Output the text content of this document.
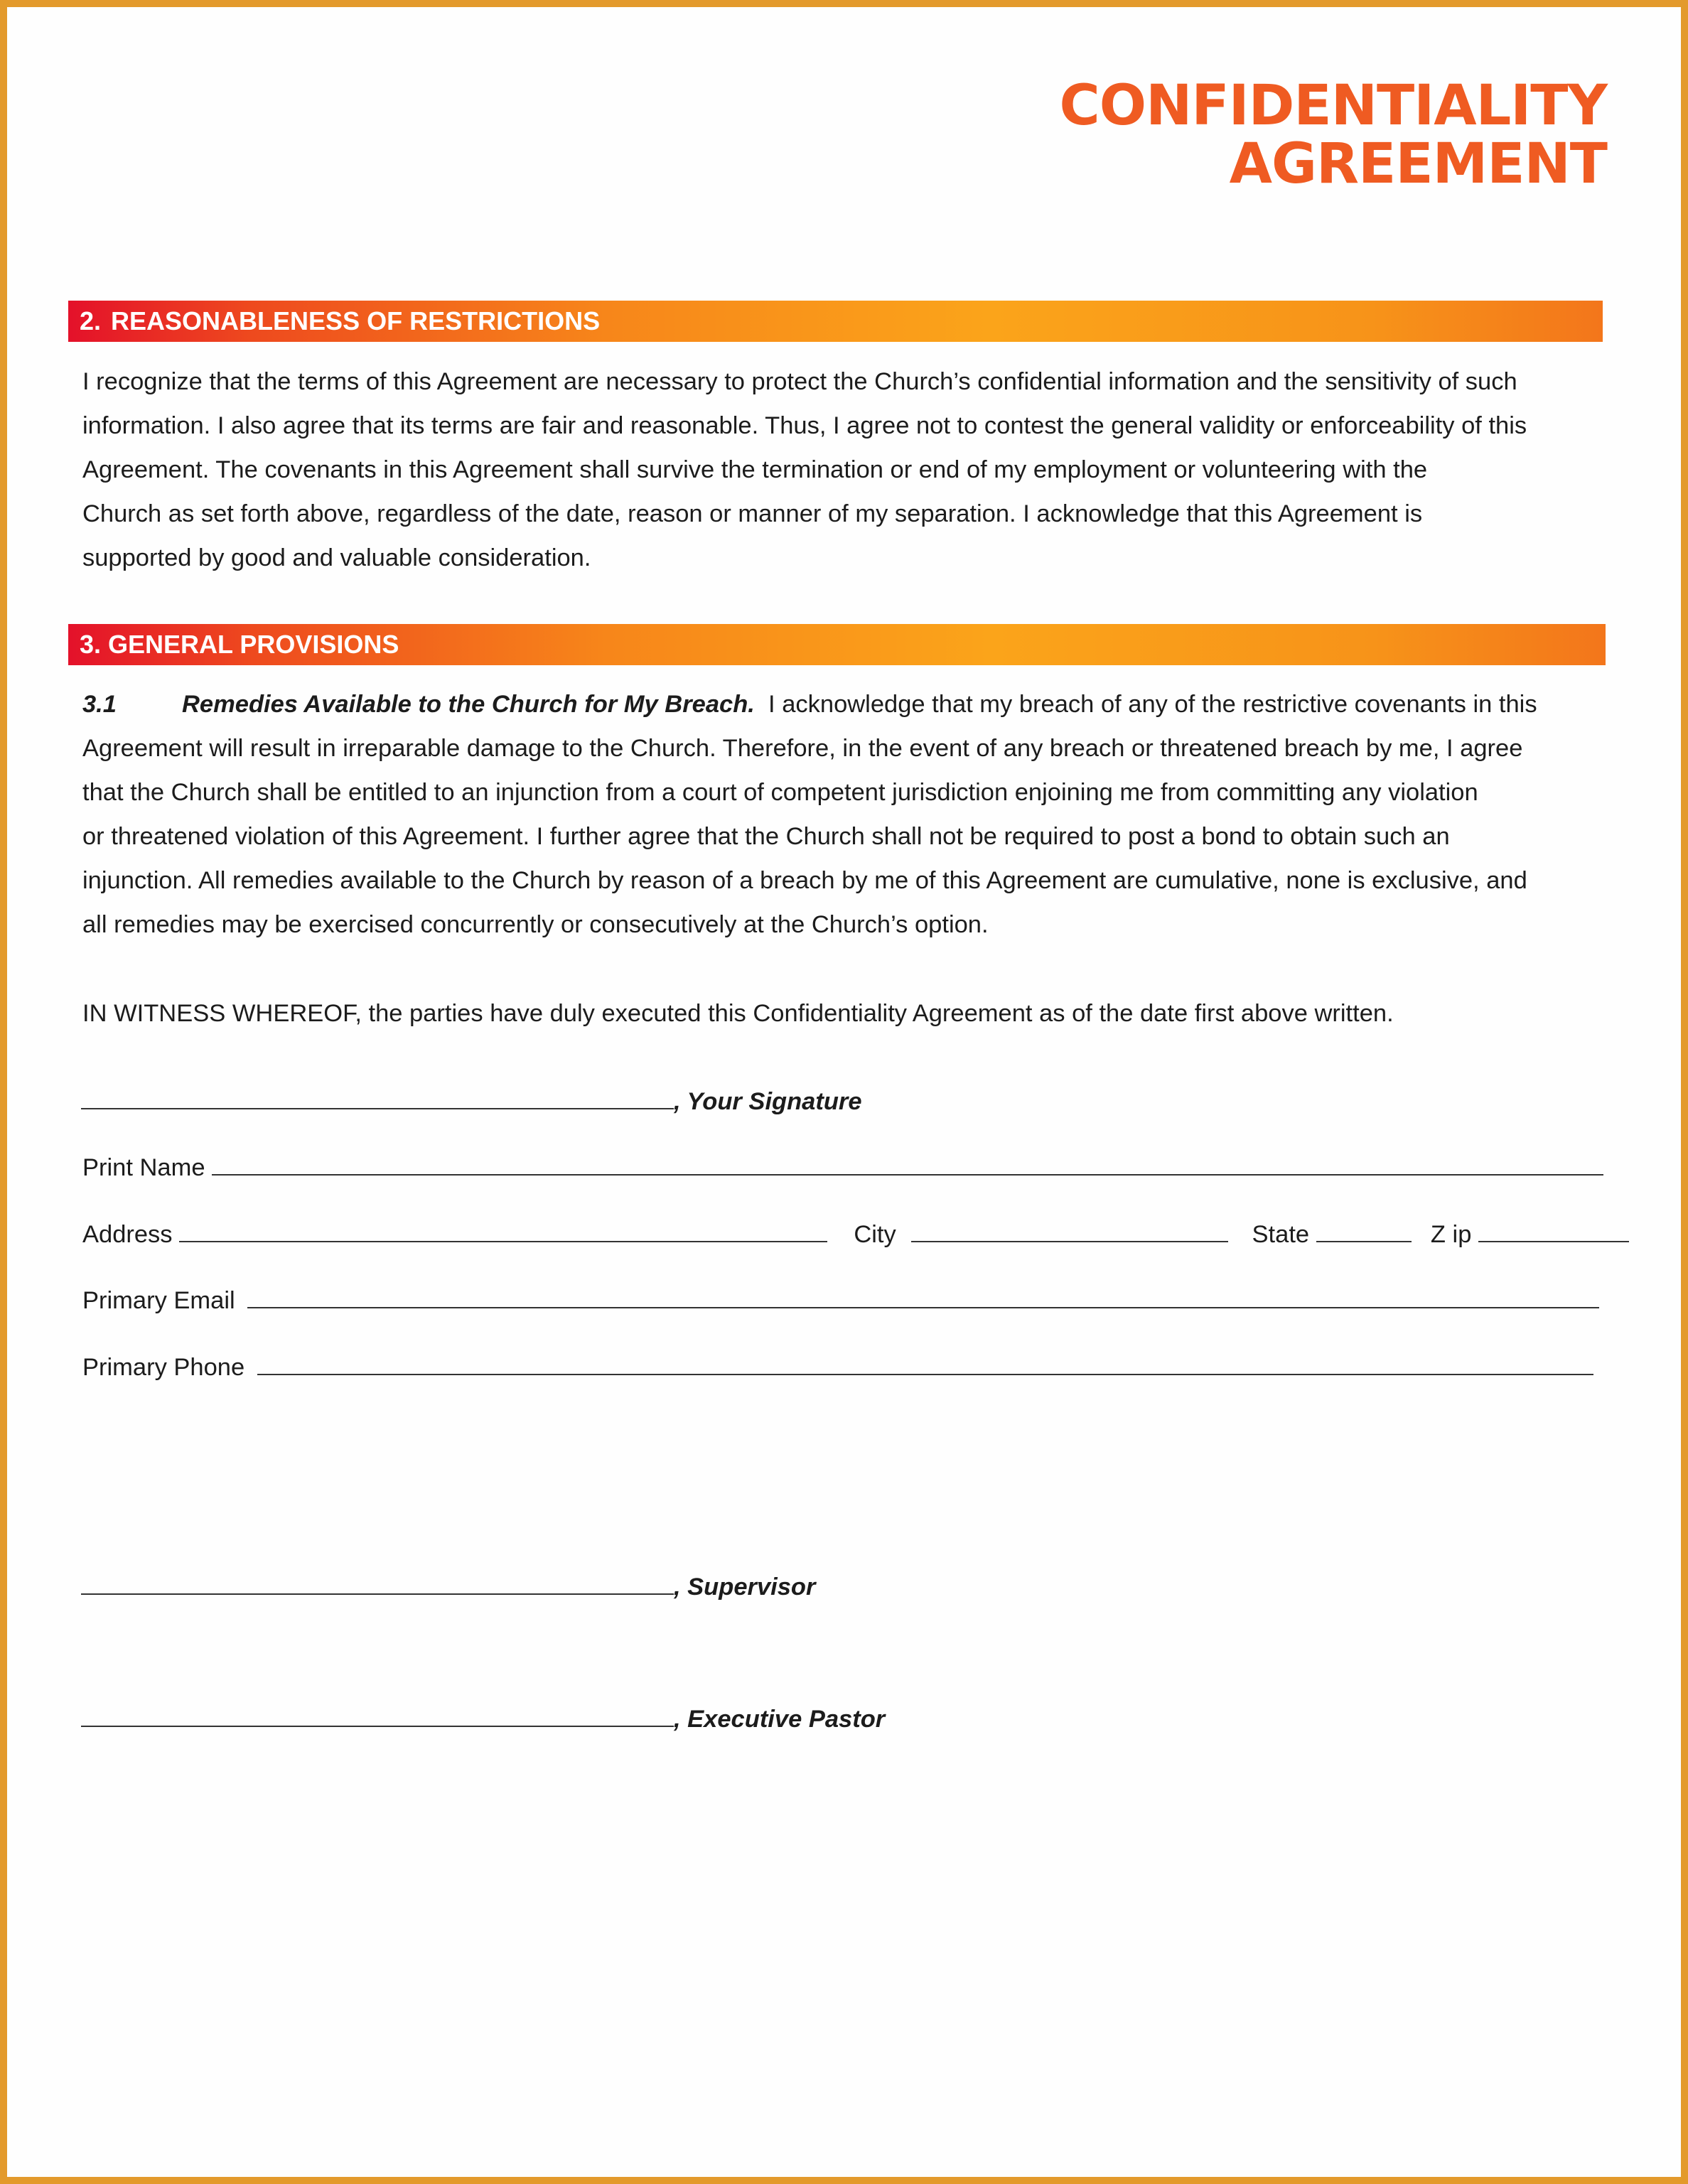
CONFIDENTIALITY
AGREEMENT
2. REASONABLENESS OF RESTRICTIONS
I recognize that the terms of this Agreement are necessary to protect the Church’s confidential information and the sensitivity of such
information. I also agree that its terms are fair and reasonable. Thus, I agree not to contest the general validity or enforceability of this
Agreement. The covenants in this Agreement shall survive the termination or end of my employment or volunteering with the
Church as set forth above, regardless of the date, reason or manner of my separation. I acknowledge that this Agreement is
supported by good and valuable consideration.
3. GENERAL PROVISIONS
3.1	Remedies Available to the Church for My Breach. I acknowledge that my breach of any of the restrictive covenants in this
Agreement will result in irreparable damage to the Church. Therefore, in the event of any breach or threatened breach by me, I agree
that the Church shall be entitled to an injunction from a court of competent jurisdiction enjoining me from committing any violation
or threatened violation of this Agreement. I further agree that the Church shall not be required to post a bond to obtain such an
injunction. All remedies available to the Church by reason of a breach by me of this Agreement are cumulative, none is exclusive, and
all remedies may be exercised concurrently or consecutively at the Church’s option.
IN WITNESS WHEREOF, the parties have duly executed this Confidentiality Agreement as of the date first above written.
, Your Signature
Print Name
Address	City	State	Z ip
Primary Email
Primary Phone
, Supervisor
, Executive Pastor
